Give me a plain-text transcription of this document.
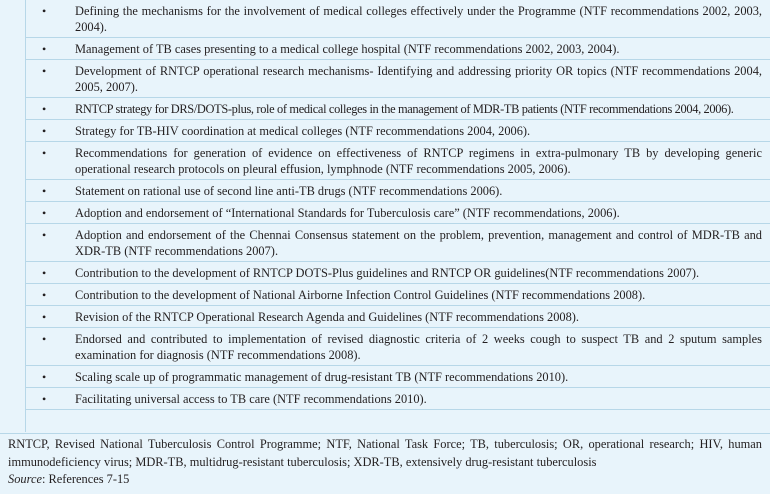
• Defining the mechanisms for the involvement of medical colleges effectively under the Programme (NTF recommendations 2002, 2003, 2004).
• Management of TB cases presenting to a medical college hospital (NTF recommendations 2002, 2003, 2004).
• Development of RNTCP operational research mechanisms- Identifying and addressing priority OR topics (NTF recommendations 2004, 2005, 2007).
• RNTCP strategy for DRS/DOTS-plus, role of medical colleges in the management of MDR-TB patients (NTF recommendations 2004, 2006).
• Strategy for TB-HIV coordination at medical colleges (NTF recommendations 2004, 2006).
• Recommendations for generation of evidence on effectiveness of RNTCP regimens in extra-pulmonary TB by developing generic operational research protocols on pleural effusion, lymphnode (NTF recommendations 2005, 2006).
• Statement on rational use of second line anti-TB drugs (NTF recommendations 2006).
• Adoption and endorsement of “International Standards for Tuberculosis care” (NTF recommendations, 2006).
• Adoption and endorsement of the Chennai Consensus statement on the problem, prevention, management and control of MDR-TB and XDR-TB (NTF recommendations 2007).
• Contribution to the development of RNTCP DOTS-Plus guidelines and RNTCP OR guidelines(NTF recommendations 2007).
• Contribution to the development of National Airborne Infection Control Guidelines (NTF recommendations 2008).
• Revision of the RNTCP Operational Research Agenda and Guidelines (NTF recommendations 2008).
• Endorsed and contributed to implementation of revised diagnostic criteria of 2 weeks cough to suspect TB and 2 sputum samples examination for diagnosis (NTF recommendations 2008).
• Scaling scale up of programmatic management of drug-resistant TB (NTF recommendations 2010).
• Facilitating universal access to TB care (NTF recommendations 2010).
RNTCP, Revised National Tuberculosis Control Programme; NTF, National Task Force; TB, tuberculosis; OR, operational research; HIV, human immunodeficiency virus; MDR-TB, multidrug-resistant tuberculosis; XDR-TB, extensively drug-resistant tuberculosis
Source: References 7-15
